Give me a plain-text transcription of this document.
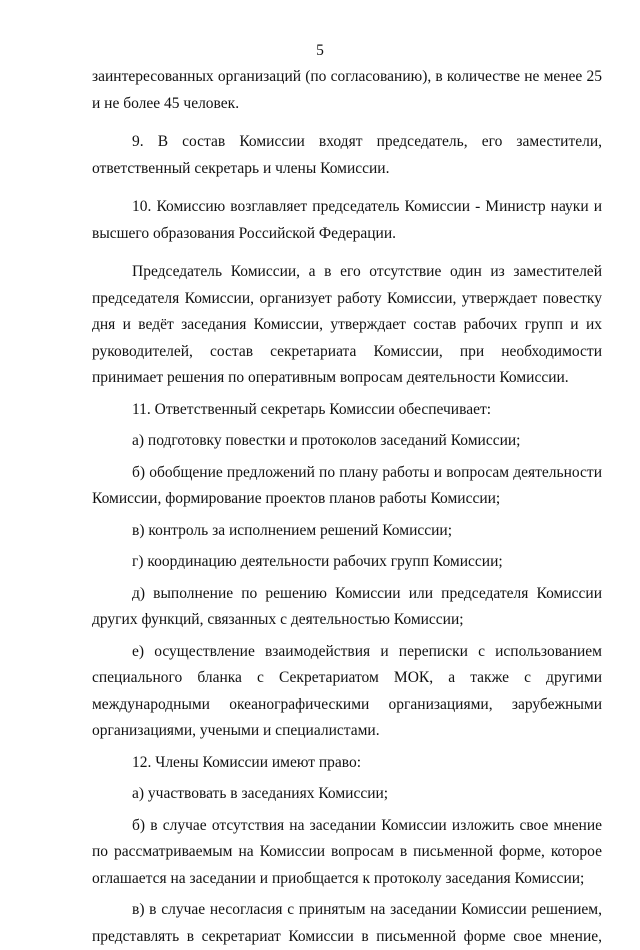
5

заинтересованных организаций (по согласованию), в количестве не менее 25 и не более 45 человек.

9. В состав Комиссии входят председатель, его заместители, ответственный секретарь и члены Комиссии.

10. Комиссию возглавляет председатель Комиссии - Министр науки и высшего образования Российской Федерации.

Председатель Комиссии, а в его отсутствие один из заместителей председателя Комиссии, организует работу Комиссии, утверждает повестку дня и ведёт заседания Комиссии, утверждает состав рабочих групп и их руководителей, состав секретариата Комиссии, при необходимости принимает решения по оперативным вопросам деятельности Комиссии.

11. Ответственный секретарь Комиссии обеспечивает:

а) подготовку повестки и протоколов заседаний Комиссии;

б) обобщение предложений по плану работы и вопросам деятельности Комиссии, формирование проектов планов работы Комиссии;

в) контроль за исполнением решений Комиссии;

г) координацию деятельности рабочих групп Комиссии;

д) выполнение по решению Комиссии или председателя Комиссии других функций, связанных с деятельностью Комиссии;

е) осуществление взаимодействия и переписки с использованием специального бланка с Секретариатом МОК, а также с другими международными океанографическими организациями, зарубежными организациями, учеными и специалистами.

12. Члены Комиссии имеют право:

а) участвовать в заседаниях Комиссии;

б) в случае отсутствия на заседании Комиссии изложить свое мнение по рассматриваемым на Комиссии вопросам в письменной форме, которое оглашается на заседании и приобщается к протоколу заседания Комиссии;

в) в случае несогласия с принятым на заседании Комиссии решением, представлять в секретариат Комиссии в письменной форме свое мнение,
